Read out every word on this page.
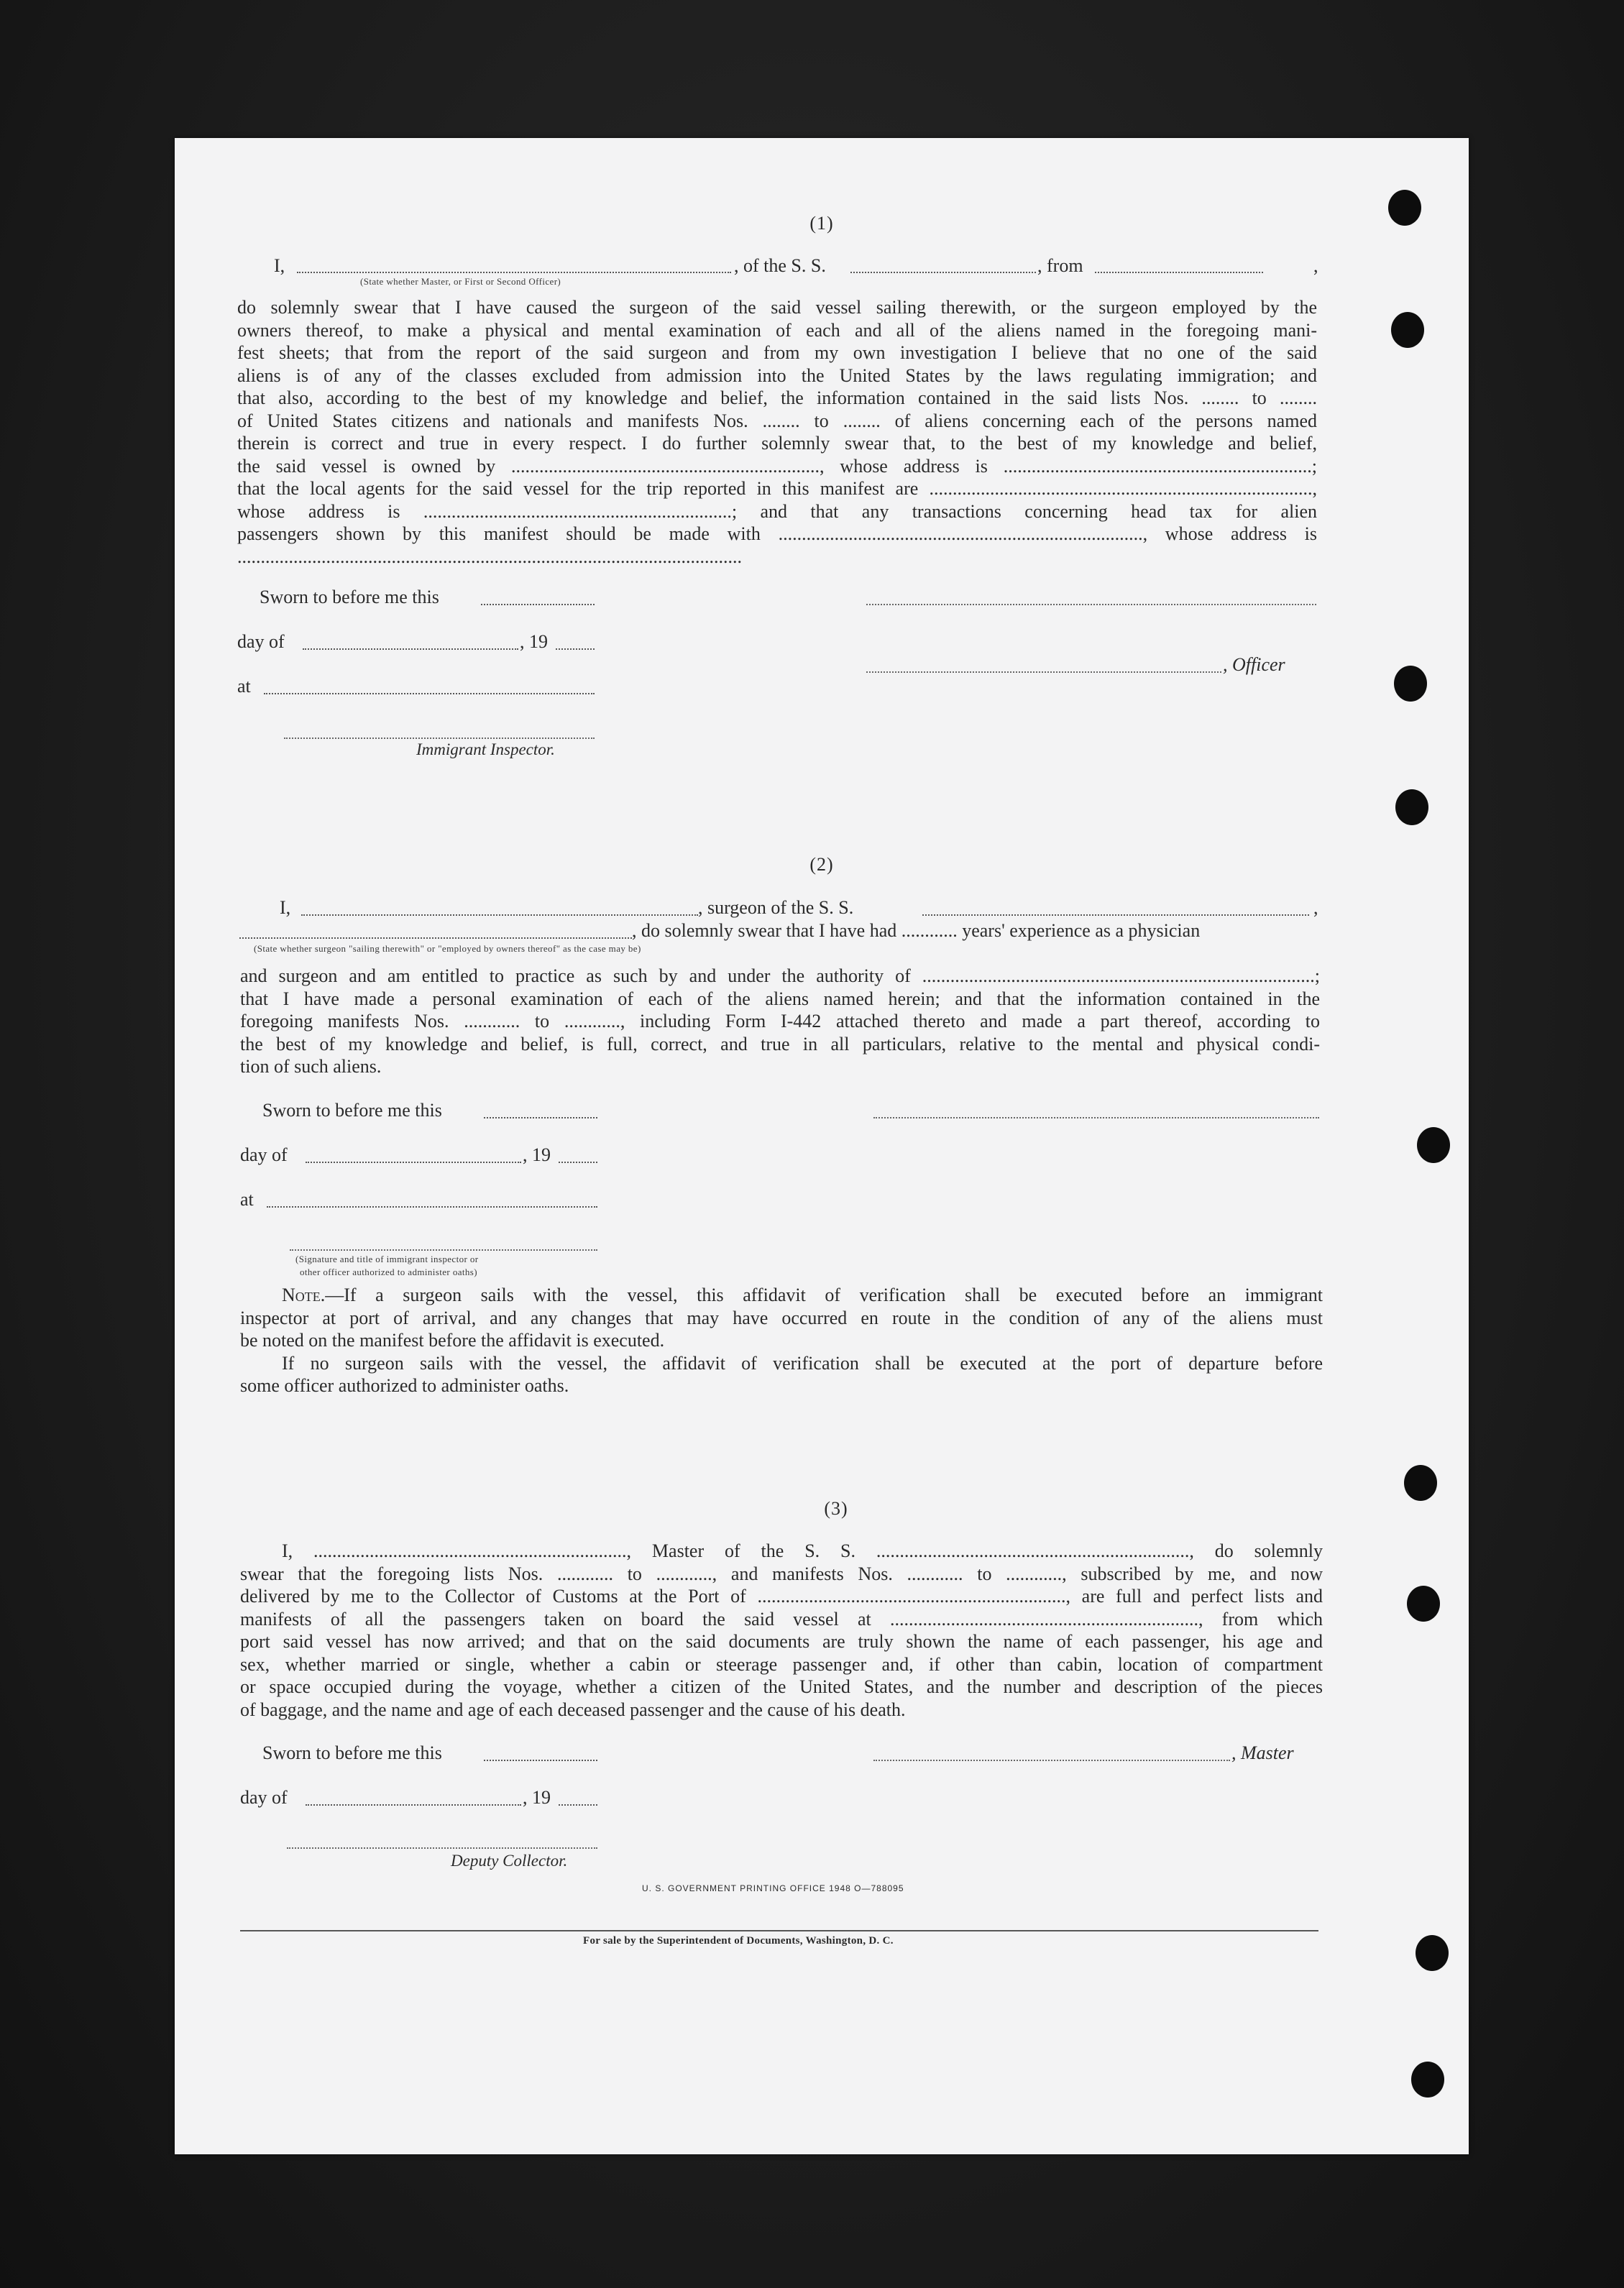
(1)
I,	, of the S. S.	, from	,
(State whether Master, or First or Second Officer)
do solemnly swear that I have caused the surgeon of the said vessel sailing therewith, or the surgeon employed by the
owners thereof, to make a physical and mental examination of each and all of the aliens named in the foregoing mani-
fest sheets; that from the report of the said surgeon and from my own investigation I believe that no one of the said
aliens is of any of the classes excluded from admission into the United States by the laws regulating immigration; and
that also, according to the best of my knowledge and belief, the information contained in the said lists Nos. ........ to ........
of United States citizens and nationals and manifests Nos. ........ to ........ of aliens concerning each of the persons named
therein is correct and true in every respect. I do further solemnly swear that, to the best of my knowledge and belief,
the said vessel is owned by .................................................................., whose address is ..................................................................;
that the local agents for the said vessel for the trip reported in this manifest are ..................................................................................,
whose address is ..................................................................; and that any transactions concerning head tax for alien
passengers shown by this manifest should be made with .............................................................................., whose address is
............................................................................................................
Sworn to before me this
day of	, 19
, Officer
at
Immigrant Inspector.
(2)
I,	, surgeon of the S. S.	,
, do solemnly swear that I have had ............ years' experience as a physician
(State whether surgeon "sailing therewith" or "employed by owners thereof" as the case may be)
and surgeon and am entitled to practice as such by and under the authority of ....................................................................................;
that I have made a personal examination of each of the aliens named herein; and that the information contained in the
foregoing manifests Nos. ............ to ............, including Form I-442 attached thereto and made a part thereof, according to
the best of my knowledge and belief, is full, correct, and true in all particulars, relative to the mental and physical condi-
tion of such aliens.
Sworn to before me this
day of	, 19
at
(Signature and title of immigrant inspector or
other officer authorized to administer oaths)
Note.—If a surgeon sails with the vessel, this affidavit of verification shall be executed before an immigrant
inspector at port of arrival, and any changes that may have occurred en route in the condition of any of the aliens must
be noted on the manifest before the affidavit is executed.
If no surgeon sails with the vessel, the affidavit of verification shall be executed at the port of departure before
some officer authorized to administer oaths.
(3)
I, ..................................................................., Master of the S. S. ..................................................................., do solemnly
swear that the foregoing lists Nos. ............ to ............, and manifests Nos. ............ to ............, subscribed by me, and now
delivered by me to the Collector of Customs at the Port of .................................................................., are full and perfect lists and
manifests of all the passengers taken on board the said vessel at .................................................................., from which
port said vessel has now arrived; and that on the said documents are truly shown the name of each passenger, his age and
sex, whether married or single, whether a cabin or steerage passenger and, if other than cabin, location of compartment
or space occupied during the voyage, whether a citizen of the United States, and the number and description of the pieces
of baggage, and the name and age of each deceased passenger and the cause of his death.
Sworn to before me this	, Master
day of	, 19
Deputy Collector.
U. S. GOVERNMENT PRINTING OFFICE 1948 O—788095
For sale by the Superintendent of Documents, Washington, D. C.
